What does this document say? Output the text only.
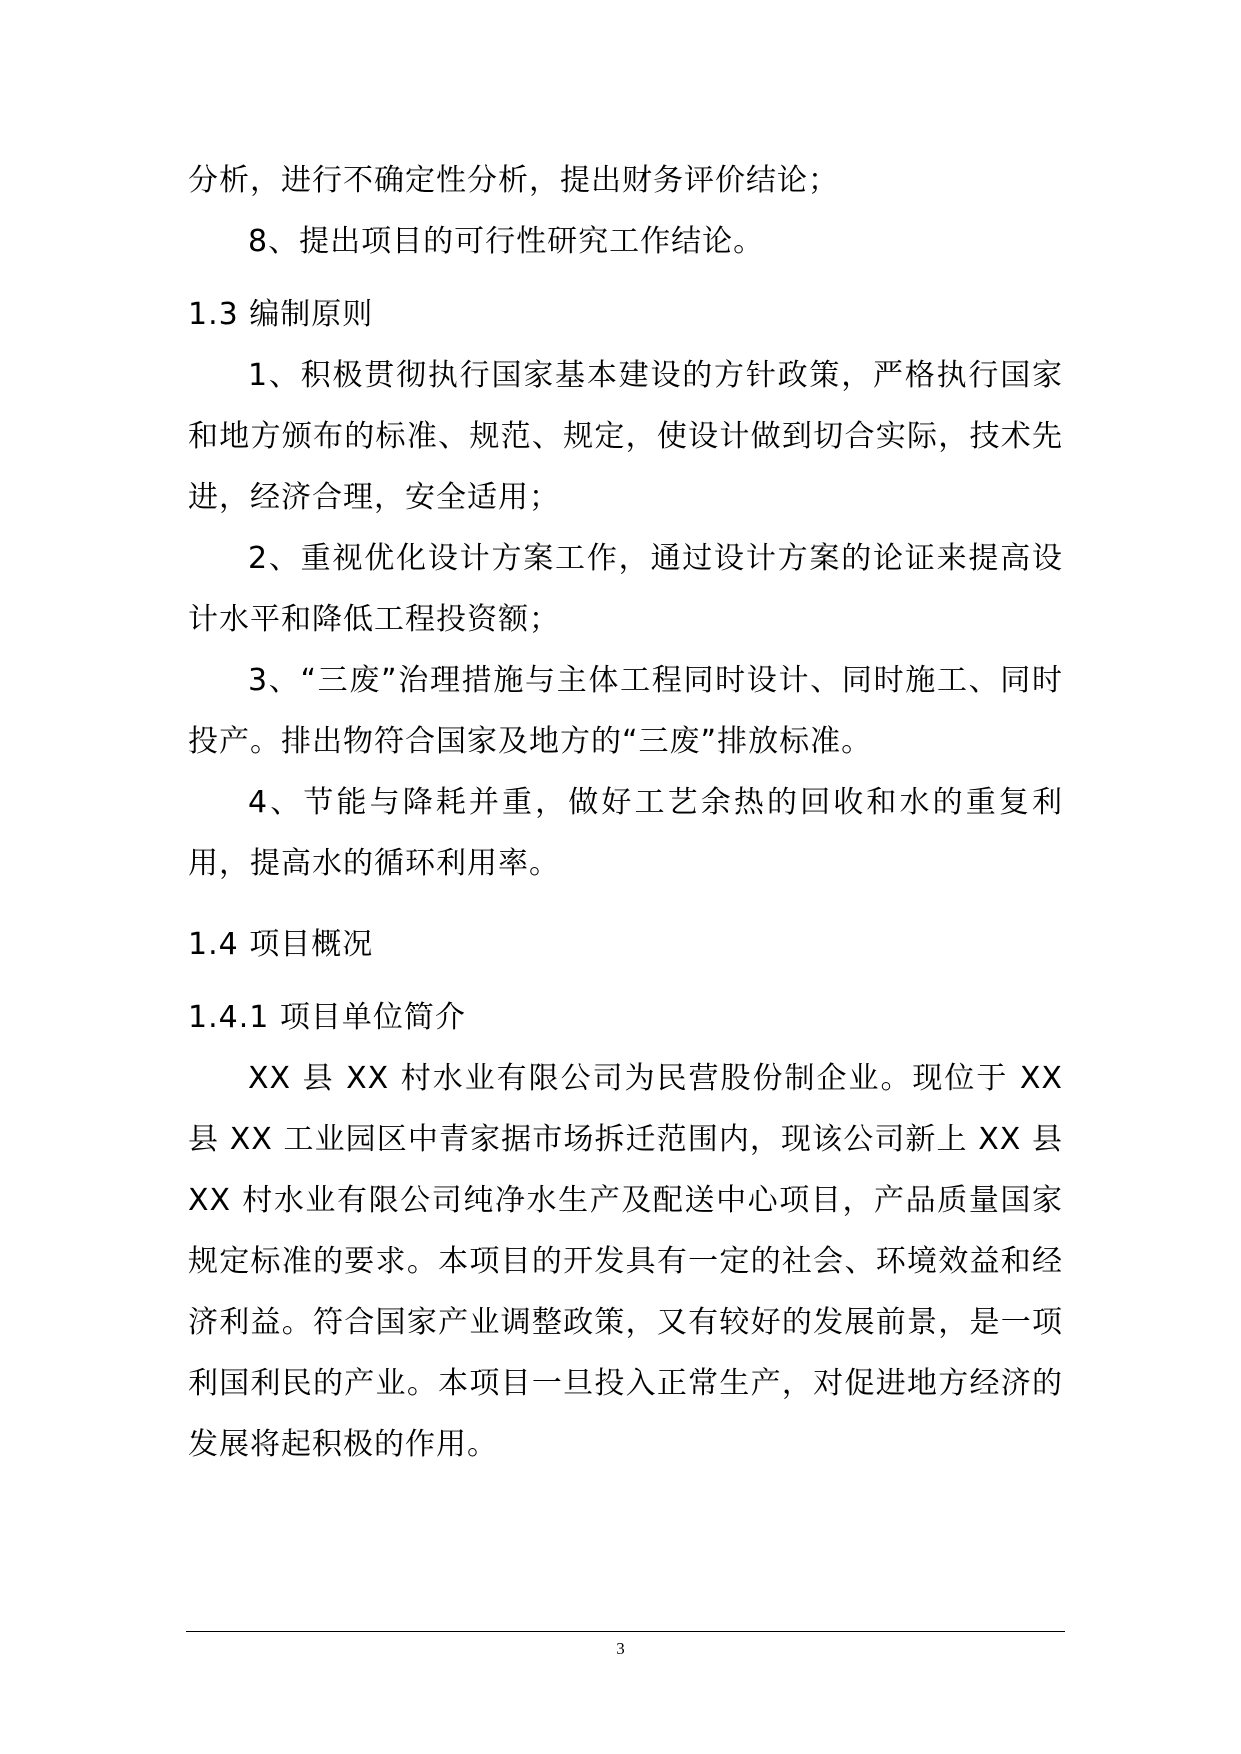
分析，进行不确定性分析，提出财务评价结论；

8、提出项目的可行性研究工作结论。

1.3 编制原则

1、积极贯彻执行国家基本建设的方针政策，严格执行国家和地方颁布的标准、规范、规定，使设计做到切合实际，技术先进，经济合理，安全适用；

2、重视优化设计方案工作，通过设计方案的论证来提高设计水平和降低工程投资额；

3、“三废”治理措施与主体工程同时设计、同时施工、同时投产。排出物符合国家及地方的“三废”排放标准。

4、节能与降耗并重，做好工艺余热的回收和水的重复利用，提高水的循环利用率。

1.4 项目概况

1.4.1 项目单位简介

XX 县 XX 村水业有限公司为民营股份制企业。现位于 XX 县 XX 工业园区中青家据市场拆迁范围内，现该公司新上 XX 县 XX 村水业有限公司纯净水生产及配送中心项目，产品质量国家规定标准的要求。本项目的开发具有一定的社会、环境效益和经济利益。符合国家产业调整政策，又有较好的发展前景，是一项利国利民的产业。本项目一旦投入正常生产，对促进地方经济的发展将起积极的作用。

3
